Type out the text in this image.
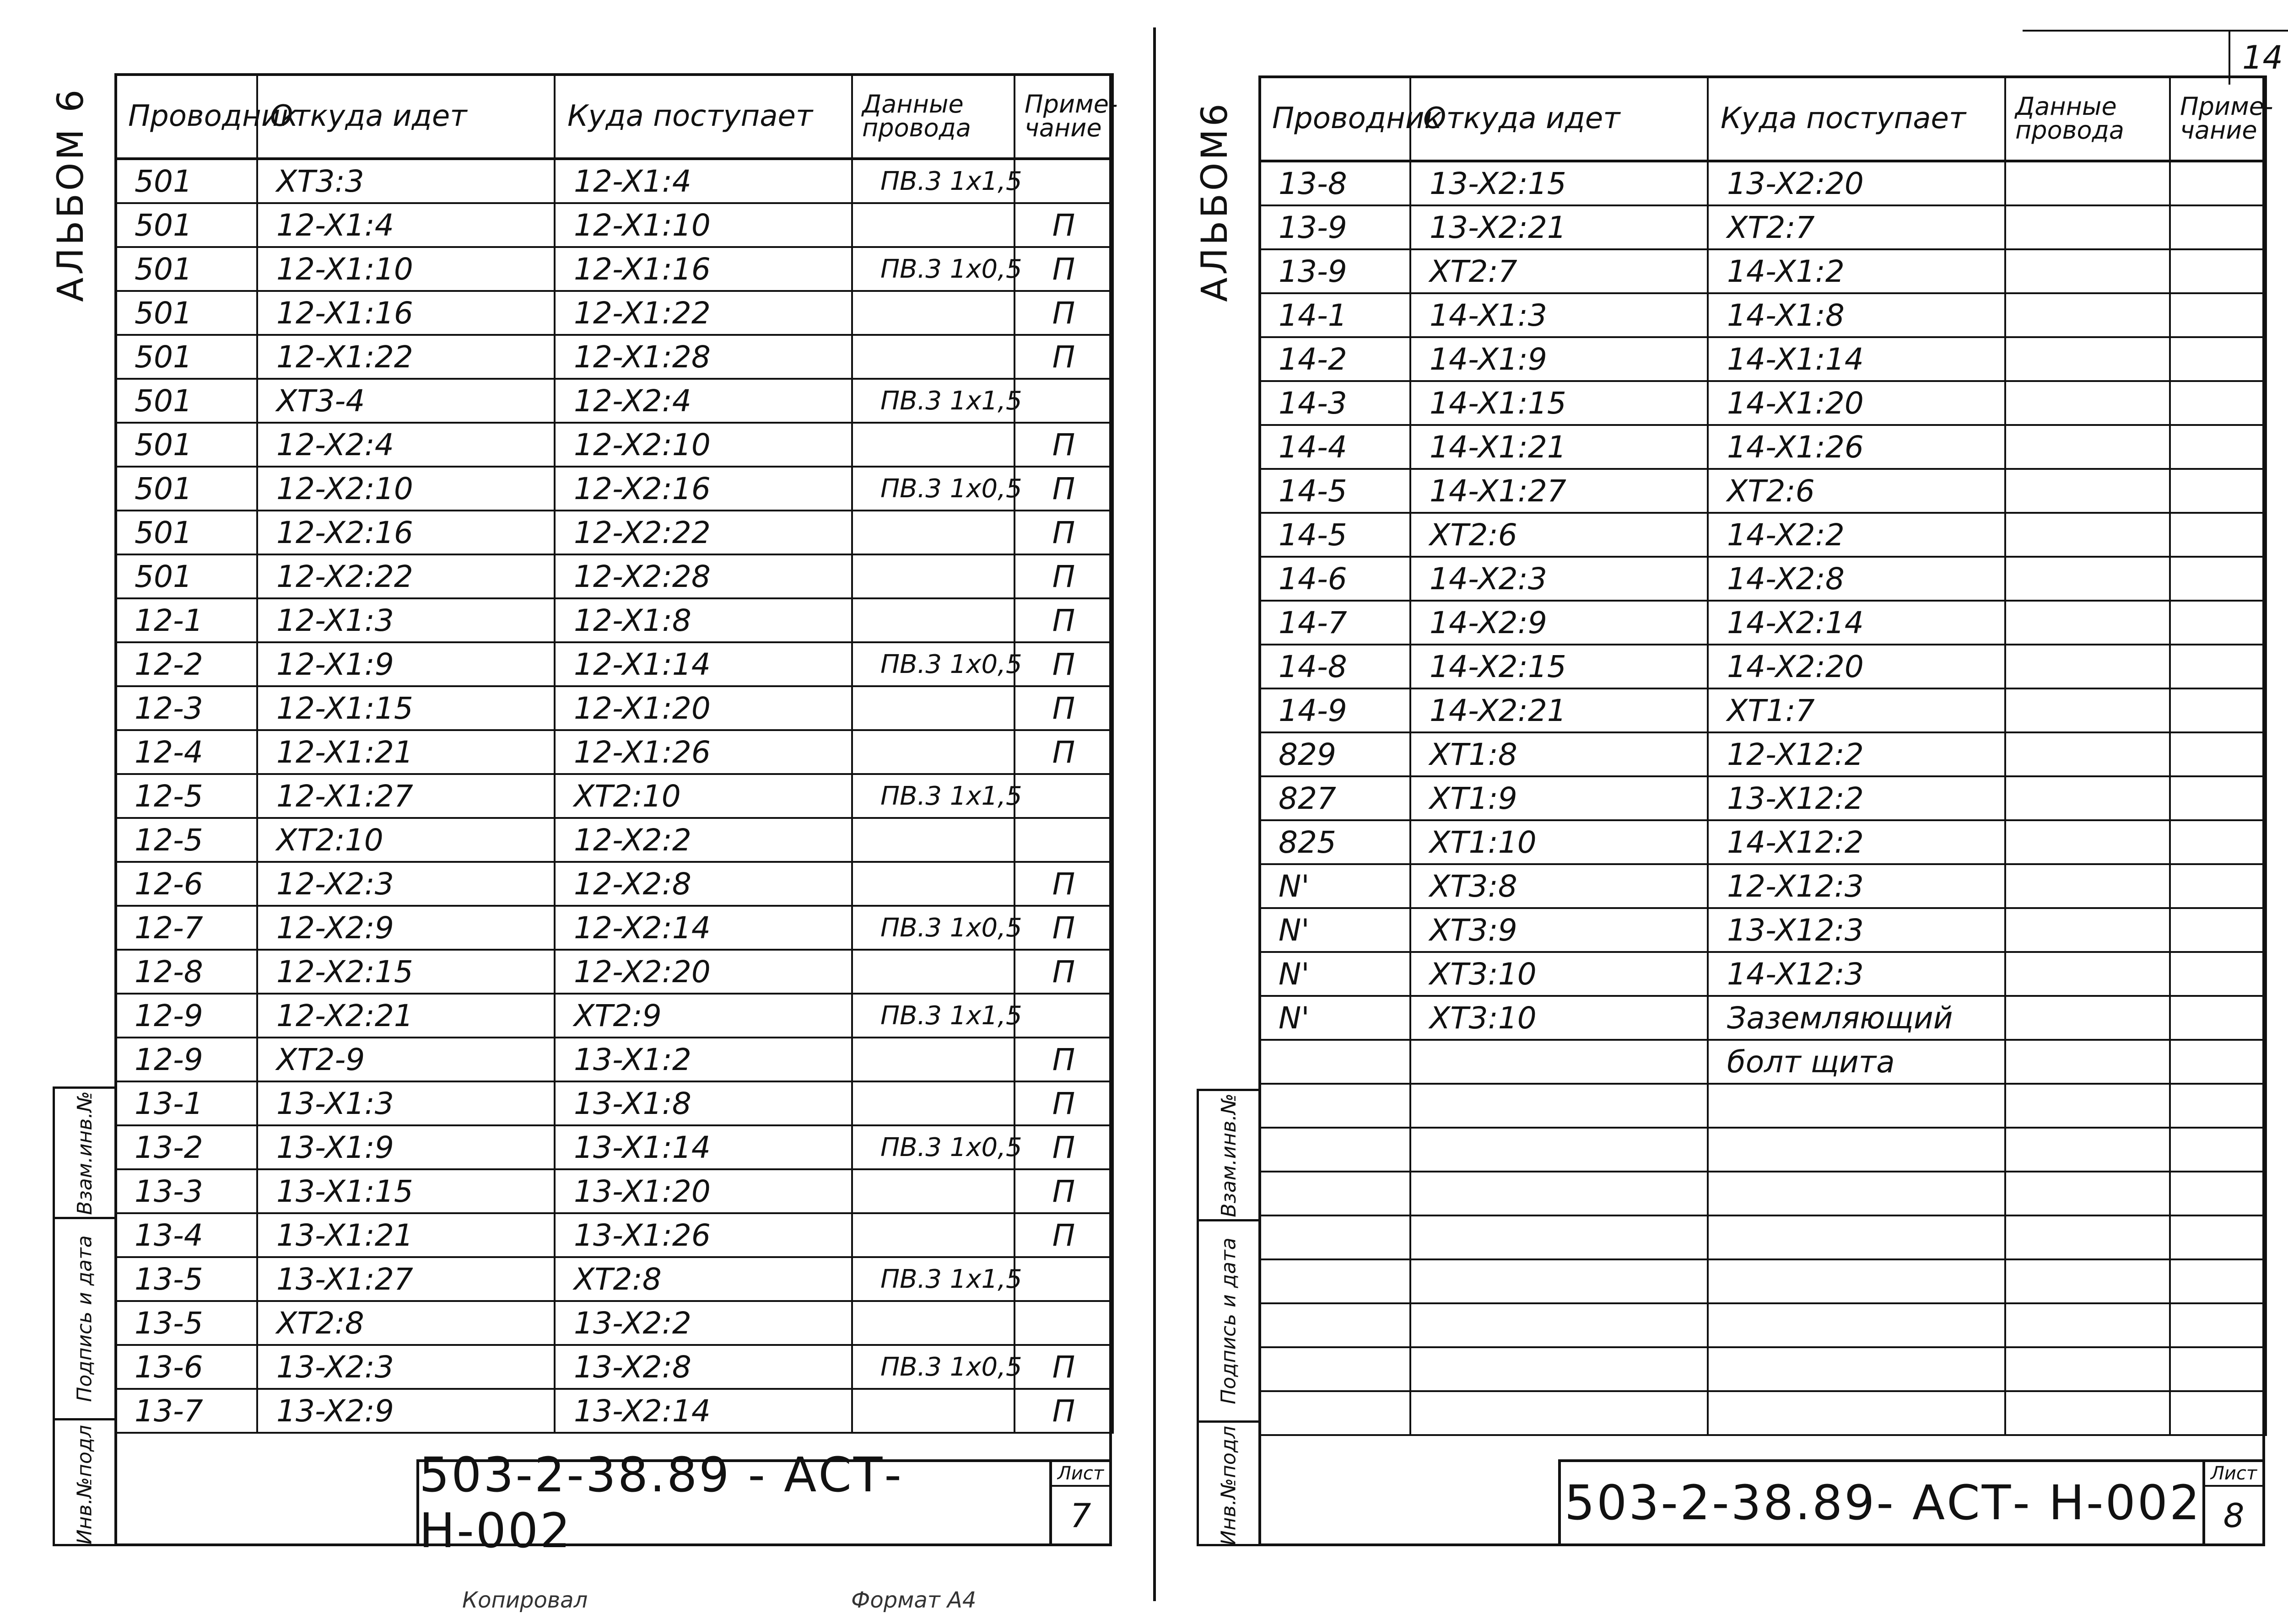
АЛЬБОМ 6 Проводник	Откуда идет	Куда поступает	Данные провода	Приме-чание
501	XT3:3	12-X1:4	ПВ.3 1х1,5	
501	12-X1:4	12-X1:10		П
501	12-X1:10	12-X1:16	ПВ.3 1х0,5	П
501	12-X1:16	12-X1:22		П
501	12-X1:22	12-X1:28		П
501	XT3-4	12-X2:4	ПВ.3 1х1,5	
501	12-X2:4	12-X2:10		П
501	12-X2:10	12-X2:16	ПВ.3 1х0,5	П
501	12-X2:16	12-X2:22		П
501	12-X2:22	12-X2:28		П
12-1	12-X1:3	12-X1:8		П
12-2	12-X1:9	12-X1:14	ПВ.3 1х0,5	П
12-3	12-X1:15	12-X1:20		П
12-4	12-X1:21	12-X1:26		П
12-5	12-X1:27	XT2:10	ПВ.3 1х1,5	
12-5	XT2:10	12-X2:2		
12-6	12-X2:3	12-X2:8		П
12-7	12-X2:9	12-X2:14	ПВ.3 1х0,5	П
12-8	12-X2:15	12-X2:20		П
12-9	12-X2:21	XT2:9	ПВ.3 1х1,5	
12-9	XT2-9	13-X1:2		П
13-1	13-X1:3	13-X1:8		П
13-2	13-X1:9	13-X1:14	ПВ.3 1х0,5	П
13-3	13-X1:15	13-X1:20		П
13-4	13-X1:21	13-X1:26		П
13-5	13-X1:27	XT2:8	ПВ.3 1х1,5	
13-5	XT2:8	13-X2:2		
13-6	13-X2:3	13-X2:8	ПВ.3 1х0,5	П
13-7	13-X2:9	13-X2:14		П
Взам.инв.№
Подпись и дата
Инв.№подл	503-2-38.89 - АСТ-Н-002
Лист
7
Копировал	Формат А4
АЛЬБОМ6
14
Проводник	Откуда идет	Куда поступает	Данные провода	Приме-чание
13-8	13-X2:15	13-X2:20		
13-9	13-X2:21	XT2:7		
13-9	XT2:7	14-X1:2		
14-1	14-X1:3	14-X1:8		
14-2	14-X1:9	14-X1:14		
14-3	14-X1:15	14-X1:20		
14-4	14-X1:21	14-X1:26		
14-5	14-X1:27	XT2:6		
14-5	XT2:6	14-X2:2		
14-6	14-X2:3	14-X2:8		
14-7	14-X2:9	14-X2:14		
14-8	14-X2:15	14-X2:20		
14-9	14-X2:21	XT1:7		
829	XT1:8	12-X12:2		
827	XT1:9	13-X12:2		
825	XT1:10	14-X12:2		
N'	XT3:8	12-X12:3		
N'	XT3:9	13-X12:3		
N'	XT3:10	14-X12:3		
N'	XT3:10	Заземляющий		
		болт щита		

Взам.инв.№
Подпись и дата
Инв.№подл	503-2-38.89- АСТ- Н-002
Лист
8
